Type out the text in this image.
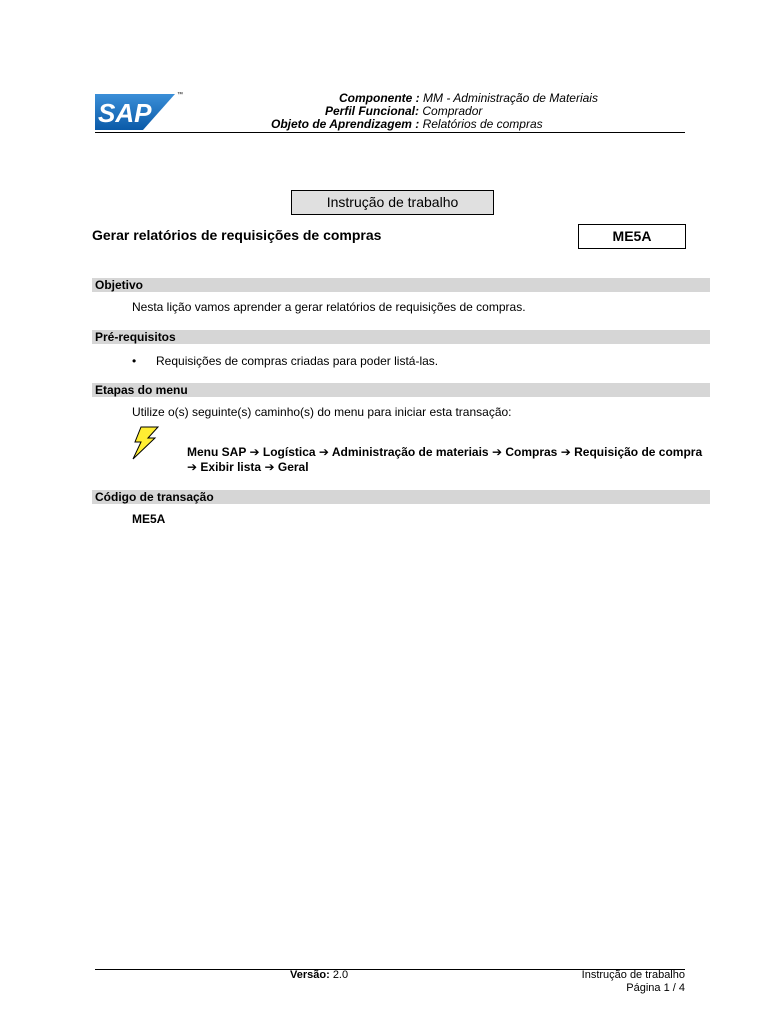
SAP
™	Componente : MM - Administração de Materiais
Perfil Funcional: Comprador
Objeto de Aprendizagem : Relatórios de compras
Instrução de trabalho
Gerar relatórios de requisições de compras	ME5A
Objetivo
Nesta lição vamos aprender a gerar relatórios de requisições de compras.
Pré-requisitos
• Requisições de compras criadas para poder listá-las.
Etapas do menu
Utilize o(s) seguinte(s) caminho(s) do menu para iniciar esta transação:
Menu SAP ➔ Logística ➔ Administração de materiais ➔ Compras ➔ Requisição de compra ➔ Exibir lista ➔ Geral
Código de transação
ME5A
Versão: 2.0	Instrução de trabalho
Página 1 / 4
